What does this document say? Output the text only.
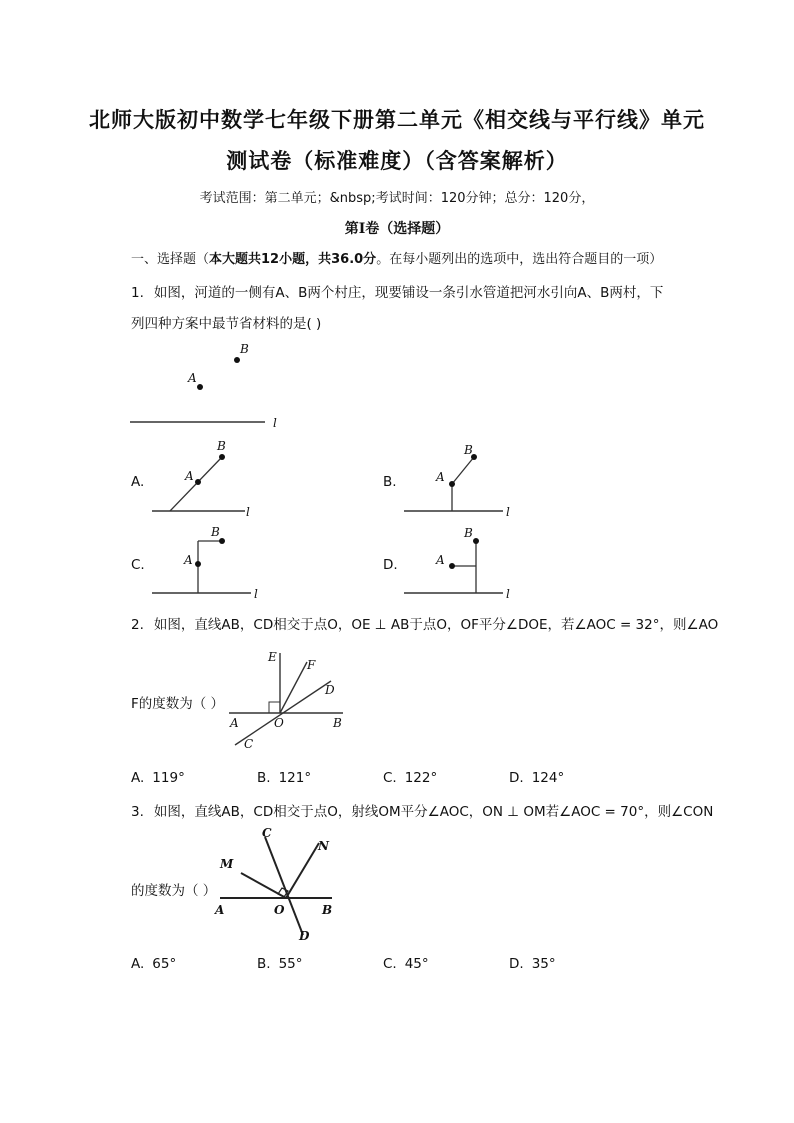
北师大版初中数学七年级下册第二单元《相交线与平行线》单元
测试卷（标准难度）（含答案解析）
考试范围：第二单元；&nbsp;考试时间：120分钟；总分：120分，
第I卷（选择题）
一、选择题（本大题共12小题，共36.0分。在每小题列出的选项中，选出符合题目的一项）
1. 如图，河道的一侧有A、B两个村庄，现要铺设一条引水管道把河水引向A、B两村，下
列四种方案中最节省材料的是( )
A
B
l
A.	A
B
l
B.	A
B
l
C.	A
B
l
D.	A
B
l
2. 如图，直线AB，CD相交于点O，OE ⊥ AB于点O，OF平分∠DOE，若∠AOC = 32°，则∠AO
F的度数为（ ）
E
F
D
A	O	B
C
A. 119°	B. 121°	C. 122°	D. 124°
3. 如图，直线AB，CD相交于点O，射线OM平分∠AOC，ON ⊥ OM若∠AOC = 70°，则∠CON
的度数为（ ）
C
N
M
A	O	B
D
A. 65°	B. 55°	C. 45°	D. 35°
